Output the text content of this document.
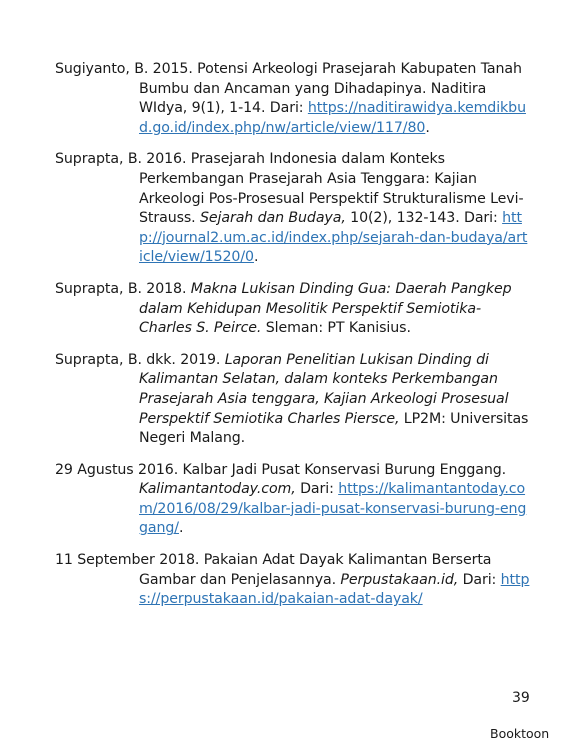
Sugiyanto, B. 2015. Potensi Arkeologi Prasejarah Kabupaten Tanah Bumbu dan Ancaman yang Dihadapinya. Naditira WIdya, 9(1), 1-14. Dari: https://naditirawidya.kemdikbud.go.id/index.php/nw/article/view/117/80.

Suprapta, B. 2016. Prasejarah Indonesia dalam Konteks Perkembangan Prasejarah Asia Tenggara: Kajian Arkeologi Pos-Prosesual Perspektif Strukturalisme Levi-Strauss. Sejarah dan Budaya, 10(2), 132-143. Dari: http://journal2.um.ac.id/index.php/sejarah-dan-budaya/article/view/1520/0.

Suprapta, B. 2018. Makna Lukisan Dinding Gua: Daerah Pangkep dalam Kehidupan Mesolitik Perspektif Semiotika-Charles S. Peirce. Sleman: PT Kanisius.

Suprapta, B. dkk. 2019. Laporan Penelitian Lukisan Dinding di Kalimantan Selatan, dalam konteks Perkembangan Prasejarah Asia tenggara, Kajian Arkeologi Prosesual Perspektif Semiotika Charles Piersce, LP2M: Universitas Negeri Malang.

29 Agustus 2016. Kalbar Jadi Pusat Konservasi Burung Enggang. Kalimantantoday.com, Dari: https://kalimantantoday.com/2016/08/29/kalbar-jadi-pusat-konservasi-burung-enggang/.

11 September 2018. Pakaian Adat Dayak Kalimantan Berserta Gambar dan Penjelasannya. Perpustakaan.id, Dari: https://perpustakaan.id/pakaian-adat-dayak/

39
Booktoon
